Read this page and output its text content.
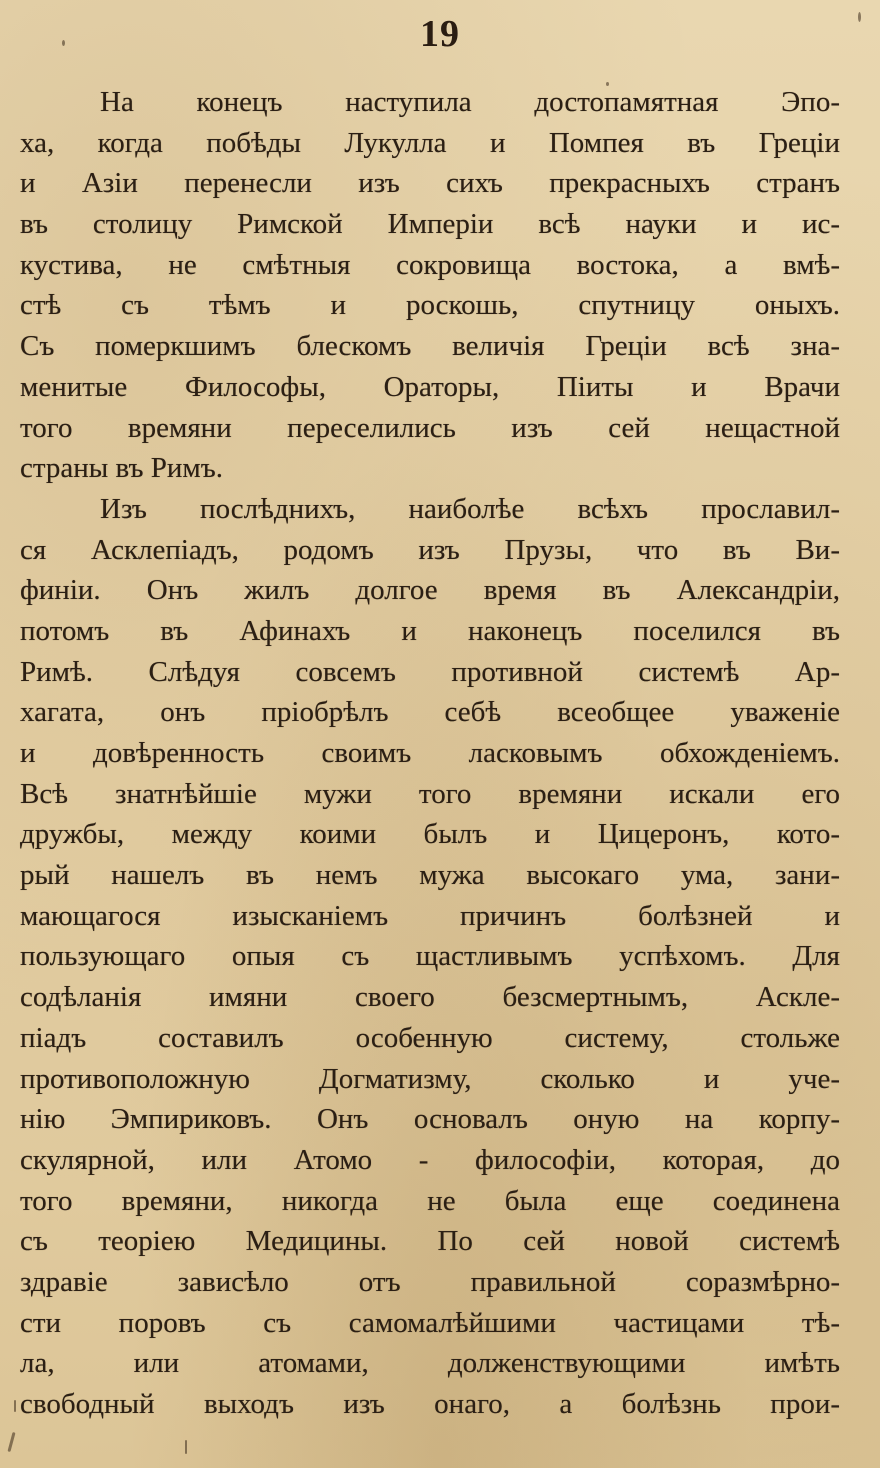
19
На конецъ наступила достопамятная Эпо-
ха, когда побѣды Лукулла и Помпея въ Греціи
и Азіи перенесли изъ сихъ прекрасныхъ странъ
въ столицу Римской Имперіи всѣ науки и ис-
кустива, не смѣтныя сокровища востока, а вмѣ-
стѣ съ тѣмъ и роскошь, спутницу оныхъ.
Съ померкшимъ блескомъ величія Греціи всѣ зна-
менитые Философы, Ораторы, Піиты и Врачи
того времяни переселились изъ сей нещастной
страны въ Римъ.
Изъ послѣднихъ, наиболѣе всѣхъ прославил-
ся Асклепіадъ, родомъ изъ Прузы, что въ Ви-
финіи. Онъ жилъ долгое время въ Александріи,
потомъ въ Афинахъ и наконецъ поселился въ
Римѣ. Слѣдуя совсемъ противной системѣ Ар-
хагата, онъ пріобрѣлъ себѣ всеобщее уваженіе
и довѣренность своимъ ласковымъ обхожденіемъ.
Всѣ знатнѣйшіе мужи того времяни искали его
дружбы, между коими былъ и Цицеронъ, кото-
рый нашелъ въ немъ мужа высокаго ума, зани-
мающагося изысканіемъ причинъ болѣзней и
пользующаго опыя съ щастливымъ успѣхомъ. Для
содѣланія имяни своего безсмертнымъ, Аскле-
піадъ составилъ особенную систему, стольже
противоположную Догматизму, сколько и уче-
нію Эмпириковъ. Онъ основалъ оную на корпу-
скулярной, или Атомо - философіи, которая, до
того времяни, никогда не была еще соединена
съ теоріею Медицины. По сей новой системѣ
здравіе зависѣло отъ правильной соразмѣрно-
сти поровъ съ самомалѣйшими частицами тѣ-
ла, или атомами, долженствующими имѣть
свободный выходъ изъ онаго, а болѣзнь прои-
